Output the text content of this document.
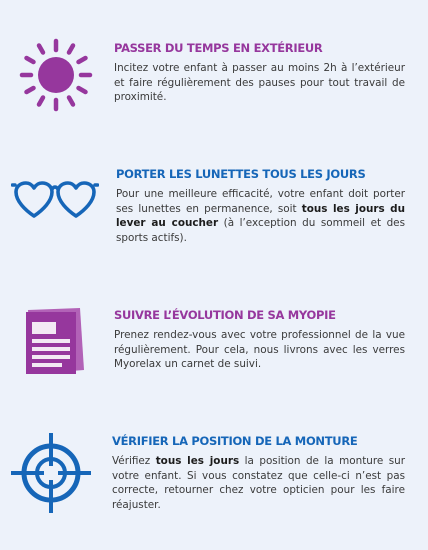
PASSER DU TEMPS EN EXTÉRIEUR

Incitez votre enfant à passer au moins 2h à l’extérieur et faire régulièrement des pauses pour tout travail de proximité.

PORTER LES LUNETTES TOUS LES JOURS

Pour une meilleure efficacité, votre enfant doit porter ses lunettes en permanence, soit tous les jours du lever au coucher (à l’exception du sommeil et des sports actifs).

SUIVRE L’ÉVOLUTION DE SA MYOPIE

Prenez rendez-vous avec votre professionnel de la vue régulièrement. Pour cela, nous livrons avec les verres Myorelax un carnet de suivi.

VÉRIFIER LA POSITION DE LA MONTURE

Vérifiez tous les jours la position de la monture sur votre enfant. Si vous constatez que celle-ci n’est pas correcte, retourner chez votre opticien pour les faire réajuster.
